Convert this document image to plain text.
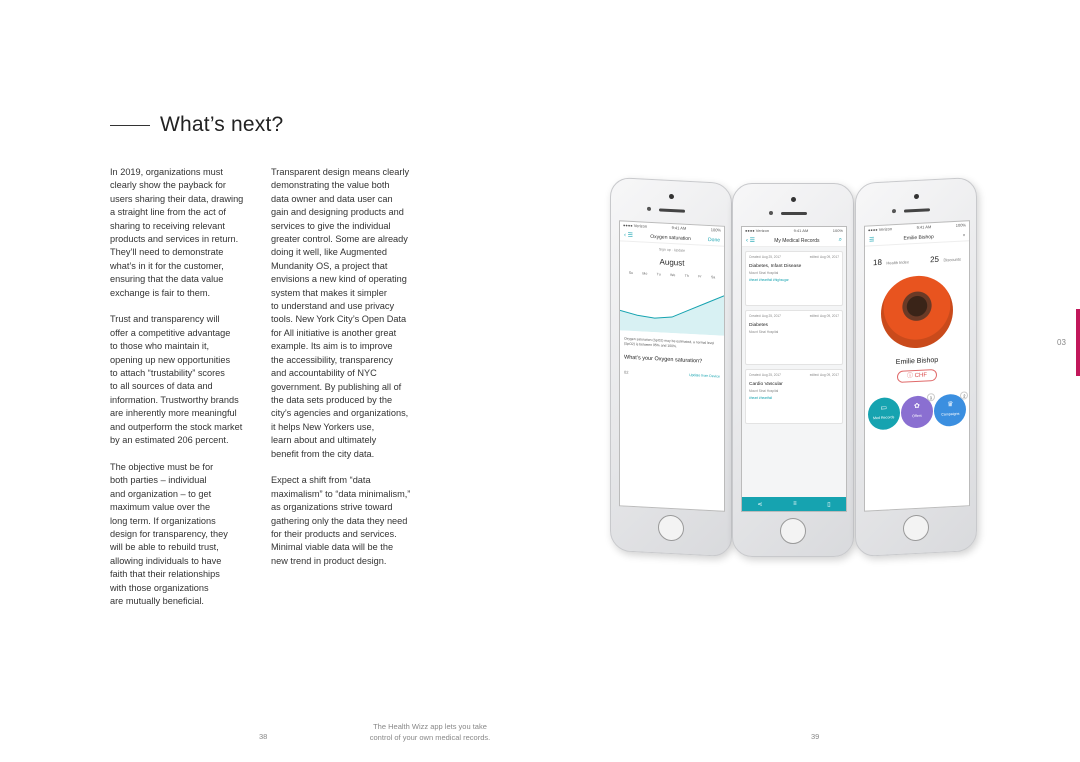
What’s next?

In 2019, organizations must
clearly show the payback for
users sharing their data, drawing
a straight line from the act of
sharing to receiving relevant
products and services in return.
They’ll need to demonstrate
what’s in it for the customer,
ensuring that the data value
exchange is fair to them.

Trust and transparency will
offer a competitive advantage
to those who maintain it,
opening up new opportunities
to attach “trustability” scores
to all sources of data and
information. Trustworthy brands
are inherently more meaningful
and outperform the stock market
by an estimated 206 percent.

The objective must be for
both parties – individual
and organization – to get
maximum value over the
long term. If organizations
design for transparency, they
will be able to rebuild trust,
allowing individuals to have
faith that their relationships
with those organizations
are mutually beneficial.

Transparent design means clearly
demonstrating the value both
data owner and data user can
gain and designing products and
services to give the individual
greater control. Some are already
doing it well, like Augmented
Mundanity OS, a project that
envisions a new kind of operating
system that makes it simpler
to understand and use privacy
tools. New York City’s Open Data
for All initiative is another great
example. Its aim is to improve
the accessibility, transparency
and accountability of NYC
government. By publishing all of
the data sets produced by the
city’s agencies and organizations,
it helps New Yorkers use,
learn about and ultimately
benefit from the city data.

Expect a shift from “data
maximalism” to “data minimalism,”
as organizations strive toward
gathering only the data they need
for their products and services.
Minimal viable data will be the
new trend in product design.

●●●● Verizon	9:41 AM	100%
‹ ☰	Oxygen saturation	Done
Sign up · Update
August
Su	Mo	Tu	We	Th	Fr	Sa
Oxygen saturation (SpO2) may be estimated, a normal level (SpO2) is between 95% and 100%.
What’s your Oxygen saturation?
02
Update from Device
●●●● Verizon	9:41 AM	100%
‹ ☰	My Medical Records	⌕
Created: Aug 25, 2017	edited: Aug 09, 2017
Diabetes, Infant Disease
Mount Sinai Hospital
#heart #heartfail #highsugar
Created: Aug 25, 2017	edited: Aug 09, 2017
Diabetes
Mount Sinai Hospital
Created: Aug 25, 2017	edited: Aug 09, 2017
Cardio Vascular
Mount Sinai Hospital
#heart #heartfail
⋖	≡	▯
●●●● Verizon	9:41 AM	100%
☰	Emilie Bishop	▾
18 Health Index	25 Discounts
Emilie Bishop
ⓘ CHF
▭
Med Records
✿
Offers
1
♛
Campaigns
2
03
38
The Health Wizz app lets you take
control of your own medical records.	39
